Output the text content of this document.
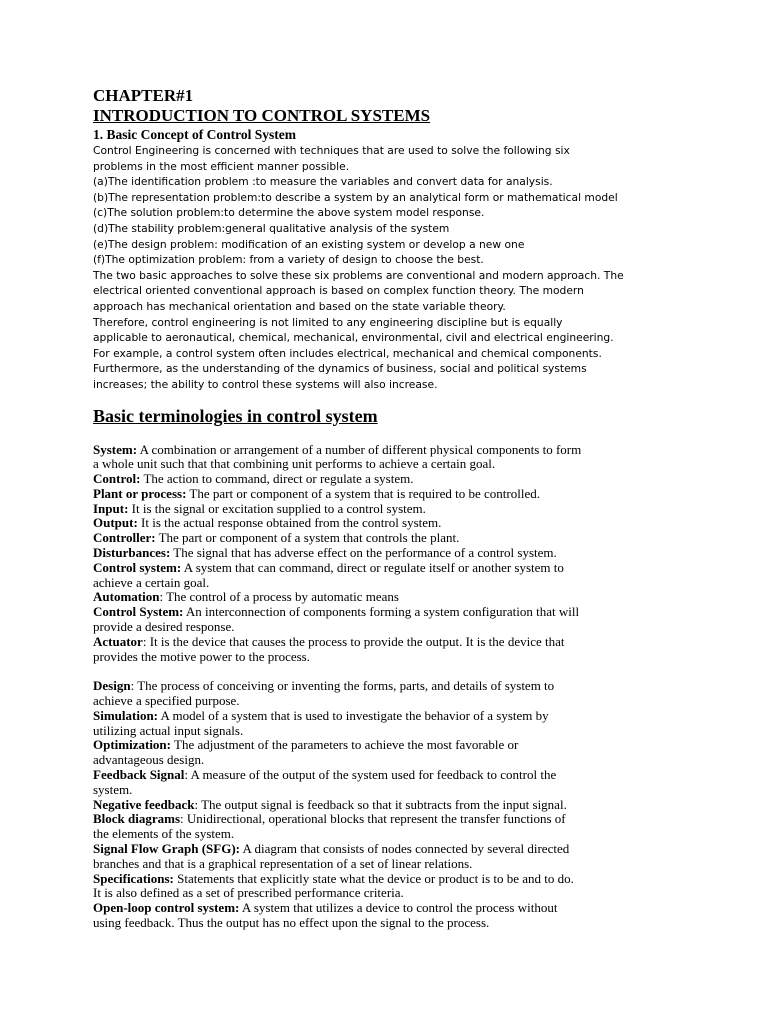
CHAPTER#1
INTRODUCTION TO CONTROL SYSTEMS
1. Basic Concept of Control System
Control Engineering is concerned with techniques that are used to solve the following six
problems in the most efficient manner possible.
(a)The identification problem :to measure the variables and convert data for analysis.
(b)The representation problem:to describe a system by an analytical form or mathematical model
(c)The solution problem:to determine the above system model response.
(d)The stability problem:general qualitative analysis of the system
(e)The design problem: modification of an existing system or develop a new one
(f)The optimization problem: from a variety of design to choose the best.
The two basic approaches to solve these six problems are conventional and modern approach. The
electrical oriented conventional approach is based on complex function theory. The modern
approach has mechanical orientation and based on the state variable theory.
Therefore, control engineering is not limited to any engineering discipline but is equally
applicable to aeronautical, chemical, mechanical, environmental, civil and electrical engineering.
For example, a control system often includes electrical, mechanical and chemical components.
Furthermore, as the understanding of the dynamics of business, social and political systems
increases; the ability to control these systems will also increase.
Basic terminologies in control system
System: A combination or arrangement of a number of different physical components to form
a whole unit such that that combining unit performs to achieve a certain goal.
Control: The action to command, direct or regulate a system.
Plant or process: The part or component of a system that is required to be controlled.
Input: It is the signal or excitation supplied to a control system.
Output: It is the actual response obtained from the control system.
Controller: The part or component of a system that controls the plant.
Disturbances: The signal that has adverse effect on the performance of a control system.
Control system: A system that can command, direct or regulate itself or another system to
achieve a certain goal.
Automation: The control of a process by automatic means
Control System: An interconnection of components forming a system configuration that will
provide a desired response.
Actuator: It is the device that causes the process to provide the output. It is the device that
provides the motive power to the process.
Design: The process of conceiving or inventing the forms, parts, and details of system to
achieve a specified purpose.
Simulation: A model of a system that is used to investigate the behavior of a system by
utilizing actual input signals.
Optimization: The adjustment of the parameters to achieve the most favorable or
advantageous design.
Feedback Signal: A measure of the output of the system used for feedback to control the
system.
Negative feedback: The output signal is feedback so that it subtracts from the input signal.
Block diagrams: Unidirectional, operational blocks that represent the transfer functions of
the elements of the system.
Signal Flow Graph (SFG): A diagram that consists of nodes connected by several directed
branches and that is a graphical representation of a set of linear relations.
Specifications: Statements that explicitly state what the device or product is to be and to do.
It is also defined as a set of prescribed performance criteria.
Open-loop control system: A system that utilizes a device to control the process without
using feedback. Thus the output has no effect upon the signal to the process.
